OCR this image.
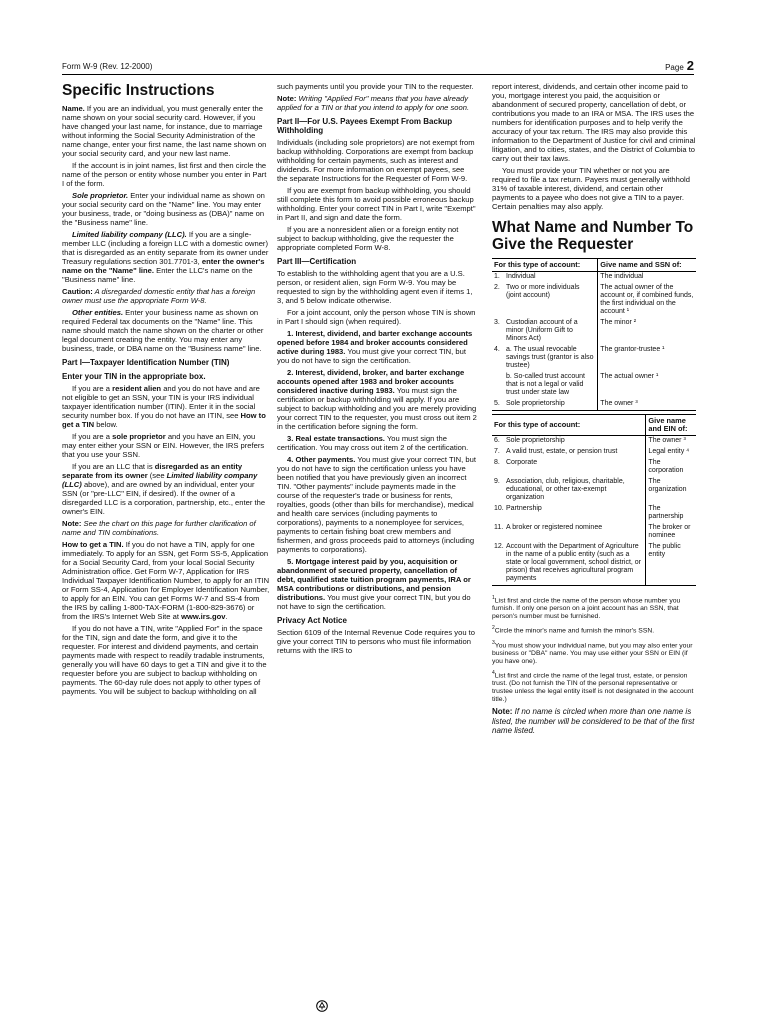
Form W-9 (Rev. 12-2000)	Page 2
Specific Instructions

Name. If you are an individual, you must generally enter the name shown on your social security card. However, if you have changed your last name, for instance, due to marriage without informing the Social Security Administration of the name change, enter your first name, the last name shown on your social security card, and your new last name.

If the account is in joint names, list first and then circle the name of the person or entity whose number you enter in Part I of the form.

Sole proprietor. Enter your individual name as shown on your social security card on the "Name" line. You may enter your business, trade, or "doing business as (DBA)" name on the "Business name" line.

Limited liability company (LLC). If you are a single-member LLC (including a foreign LLC with a domestic owner) that is disregarded as an entity separate from its owner under Treasury regulations section 301.7701-3, enter the owner's name on the "Name" line. Enter the LLC's name on the "Business name" line.

Caution: A disregarded domestic entity that has a foreign owner must use the appropriate Form W-8.

Other entities. Enter your business name as shown on required Federal tax documents on the "Name" line. This name should match the name shown on the charter or other legal document creating the entity. You may enter any business, trade, or DBA name on the "Business name" line.

Part I—Taxpayer Identification Number (TIN)
Enter your TIN in the appropriate box.

If you are a resident alien and you do not have and are not eligible to get an SSN, your TIN is your IRS individual taxpayer identification number (ITIN). Enter it in the social security number box. If you do not have an ITIN, see How to get a TIN below.

If you are a sole proprietor and you have an EIN, you may enter either your SSN or EIN. However, the IRS prefers that you use your SSN.

If you are an LLC that is disregarded as an entity separate from its owner (see Limited liability company (LLC) above), and are owned by an individual, enter your SSN (or "pre-LLC" EIN, if desired). If the owner of a disregarded LLC is a corporation, partnership, etc., enter the owner's EIN.

Note: See the chart on this page for further clarification of name and TIN combinations.

How to get a TIN. If you do not have a TIN, apply for one immediately. To apply for an SSN, get Form SS-5, Application for a Social Security Card, from your local Social Security Administration office. Get Form W-7, Application for IRS Individual Taxpayer Identification Number, to apply for an ITIN or Form SS-4, Application for Employer Identification Number, to apply for an EIN. You can get Forms W-7 and SS-4 from the IRS by calling 1-800-TAX-FORM (1-800-829-3676) or from the IRS's Internet Web Site at www.irs.gov.

If you do not have a TIN, write "Applied For" in the space for the TIN, sign and date the form, and give it to the requester. For interest and dividend payments, and certain payments made with respect to readily tradable instruments, generally you will have 60 days to get a TIN and give it to the requester before you are subject to backup withholding on payments. The 60-day rule does not apply to other types of payments. You will be subject to backup withholding on all

such payments until you provide your TIN to the requester.

Note: Writing "Applied For" means that you have already applied for a TIN or that you intend to apply for one soon.

Part II—For U.S. Payees Exempt From Backup Withholding

Individuals (including sole proprietors) are not exempt from backup withholding. Corporations are exempt from backup withholding for certain payments, such as interest and dividends. For more information on exempt payees, see the separate Instructions for the Requester of Form W-9.

If you are exempt from backup withholding, you should still complete this form to avoid possible erroneous backup withholding. Enter your correct TIN in Part I, write "Exempt" in Part II, and sign and date the form.

If you are a nonresident alien or a foreign entity not subject to backup withholding, give the requester the appropriate completed Form W-8.

Part III—Certification

To establish to the withholding agent that you are a U.S. person, or resident alien, sign Form W-9. You may be requested to sign by the withholding agent even if items 1, 3, and 5 below indicate otherwise.

For a joint account, only the person whose TIN is shown in Part I should sign (when required).

1. Interest, dividend, and barter exchange accounts opened before 1984 and broker accounts considered active during 1983. You must give your correct TIN, but you do not have to sign the certification.

2. Interest, dividend, broker, and barter exchange accounts opened after 1983 and broker accounts considered inactive during 1983. You must sign the certification or backup withholding will apply. If you are subject to backup withholding and you are merely providing your correct TIN to the requester, you must cross out item 2 in the certification before signing the form.

3. Real estate transactions. You must sign the certification. You may cross out item 2 of the certification.

4. Other payments. You must give your correct TIN, but you do not have to sign the certification unless you have been notified that you have previously given an incorrect TIN. "Other payments" include payments made in the course of the requester's trade or business for rents, royalties, goods (other than bills for merchandise), medical and health care services (including payments to corporations), payments to a nonemployee for services, payments to certain fishing boat crew members and fishermen, and gross proceeds paid to attorneys (including payments to corporations).

5. Mortgage interest paid by you, acquisition or abandonment of secured property, cancellation of debt, qualified state tuition program payments, IRA or MSA contributions or distributions, and pension distributions. You must give your correct TIN, but you do not have to sign the certification.

Privacy Act Notice

Section 6109 of the Internal Revenue Code requires you to give your correct TIN to persons who must file information returns with the IRS to

report interest, dividends, and certain other income paid to you, mortgage interest you paid, the acquisition or abandonment of secured property, cancellation of debt, or contributions you made to an IRA or MSA. The IRS uses the numbers for identification purposes and to help verify the accuracy of your tax return. The IRS may also provide this information to the Department of Justice for civil and criminal litigation, and to cities, states, and the District of Columbia to carry out their tax laws.

You must provide your TIN whether or not you are required to file a tax return. Payers must generally withhold 31% of taxable interest, dividend, and certain other payments to a payee who does not give a TIN to a payer. Certain penalties may also apply.

What Name and Number To Give the Requester
For this type of account:		Give name and SSN of:
1.	Individual	The individual
2.	Two or more individuals (joint account)	The actual owner of the account or, if combined funds, the first individual on the account ¹
3.	Custodian account of a minor (Uniform Gift to Minors Act)	The minor ²
4.	a. The usual revocable savings trust (grantor is also trustee)	The grantor-trustee ¹
	b. So-called trust account that is not a legal or valid trust under state law	The actual owner ¹
5.	Sole proprietorship	The owner ³
For this type of account:		Give name and EIN of:
6.	Sole proprietorship	The owner ³
7.	A valid trust, estate, or pension trust	Legal entity ⁴
8.	Corporate	The corporation
9.	Association, club, religious, charitable, educational, or other tax-exempt organization	The organization
10.	Partnership	The partnership
11.	A broker or registered nominee	The broker or nominee
12.	Account with the Department of Agriculture in the name of a public entity (such as a state or local government, school district, or prison) that receives agricultural program payments	The public entity

$^1$List first and circle the name of the person whose number you furnish. If only one person on a joint account has an SSN, that person's number must be furnished.

$^2$Circle the minor's name and furnish the minor's SSN.

$^3$You must show your individual name, but you may also enter your business or "DBA" name. You may use either your SSN or EIN (if you have one).

$^4$List first and circle the name of the legal trust, estate, or pension trust. (Do not furnish the TIN of the personal representative or trustee unless the legal entity itself is not designated in the account title.)

Note: If no name is circled when more than one name is listed, the number will be considered to be that of the first name listed.
